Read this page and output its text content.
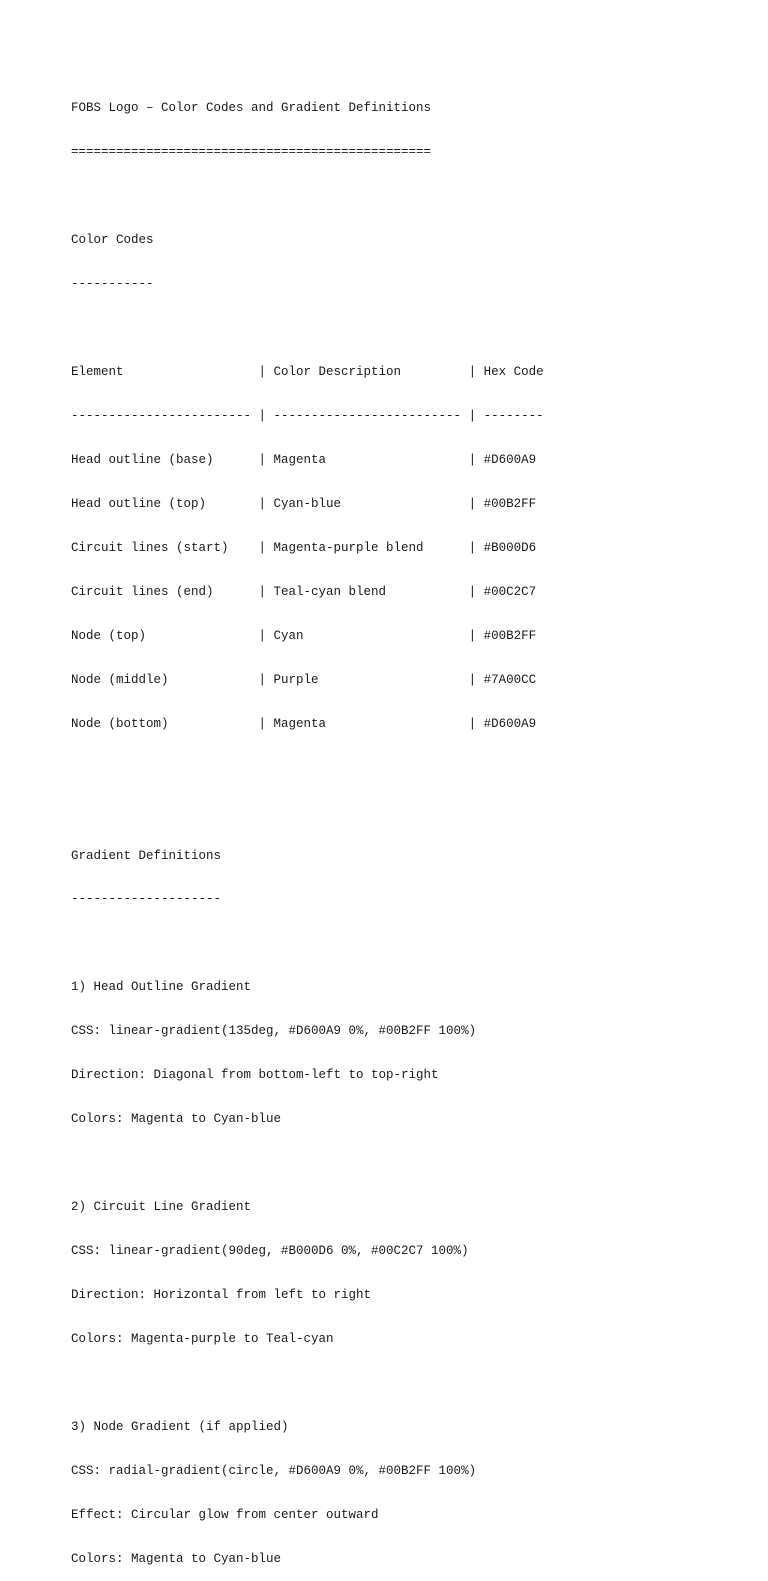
FOBS Logo – Color Codes and Gradient Definitions

================================================

Color Codes

-----------

Element                  | Color Description         | Hex Code

------------------------ | ------------------------- | --------

Head outline (base)      | Magenta                   | #D600A9

Head outline (top)       | Cyan-blue                 | #00B2FF

Circuit lines (start)    | Magenta-purple blend      | #B000D6

Circuit lines (end)      | Teal-cyan blend           | #00C2C7

Node (top)               | Cyan                      | #00B2FF

Node (middle)            | Purple                    | #7A00CC

Node (bottom)            | Magenta                   | #D600A9

Gradient Definitions

--------------------

1) Head Outline Gradient

CSS: linear-gradient(135deg, #D600A9 0%, #00B2FF 100%)

Direction: Diagonal from bottom-left to top-right

Colors: Magenta to Cyan-blue

2) Circuit Line Gradient

CSS: linear-gradient(90deg, #B000D6 0%, #00C2C7 100%)

Direction: Horizontal from left to right

Colors: Magenta-purple to Teal-cyan

3) Node Gradient (if applied)

CSS: radial-gradient(circle, #D600A9 0%, #00B2FF 100%)

Effect: Circular glow from center outward

Colors: Magenta to Cyan-blue
